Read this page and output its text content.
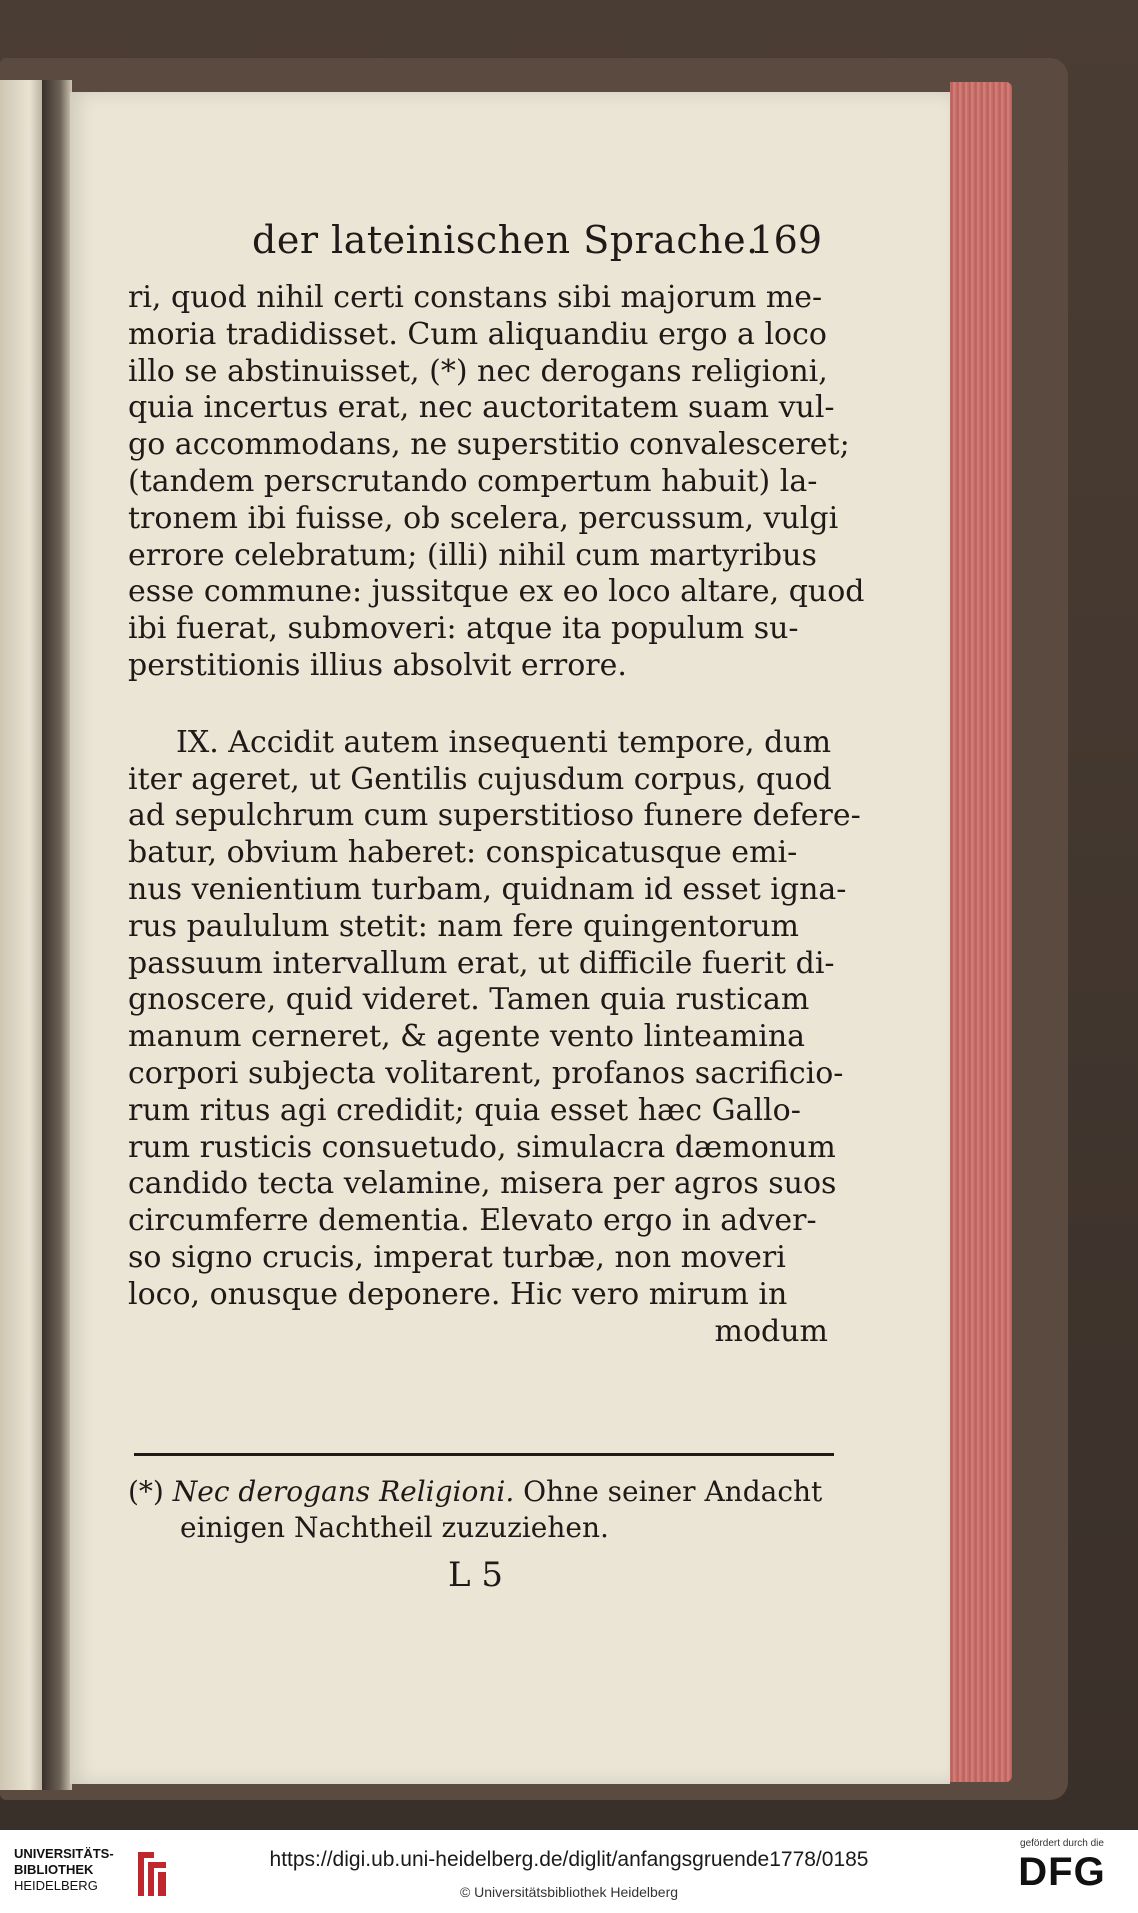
der lateinischen Sprache.
169
ri, quod nihil certi constans sibi majorum me-
moria tradidisset. Cum aliquandiu ergo a loco
illo se abstinuisset, (*) nec derogans religioni,
quia incertus erat, nec auctoritatem suam vul-
go accommodans, ne superstitio convalesceret;
(tandem perscrutando compertum habuit) la-
tronem ibi fuisse, ob scelera, percussum, vulgi
errore celebratum; (illi) nihil cum martyribus
esse commune: jussitque ex eo loco altare, quod
ibi fuerat, submoveri: atque ita populum su-
perstitionis illius absolvit errore.
IX. Accidit autem insequenti tempore, dum
iter ageret, ut Gentilis cujusdum corpus, quod
ad sepulchrum cum superstitioso funere defere-
batur, obvium haberet: conspicatusque emi-
nus venientium turbam, quidnam id esset igna-
rus paululum stetit: nam fere quingentorum
passuum intervallum erat, ut difficile fuerit di-
gnoscere, quid videret. Tamen quia rusticam
manum cerneret, & agente vento linteamina
corpori subjecta volitarent, profanos sacrificio-
rum ritus agi credidit; quia esset hæc Gallo-
rum rusticis consuetudo, simulacra dæmonum
candido tecta velamine, misera per agros suos
circumferre dementia. Elevato ergo in adver-
so signo crucis, imperat turbæ, non moveri
loco, onusque deponere. Hic vero mirum in
modum
(*) Nec derogans Religioni. Ohne seiner Andacht
einigen Nachtheil zuzuziehen.
L 5
UNIVERSITÄTS-
BIBLIOTHEK
HEIDELBERG
https://digi.ub.uni-heidelberg.de/diglit/anfangsgruende1778/0185
© Universitätsbibliothek Heidelberg
gefördert durch die
DFG
